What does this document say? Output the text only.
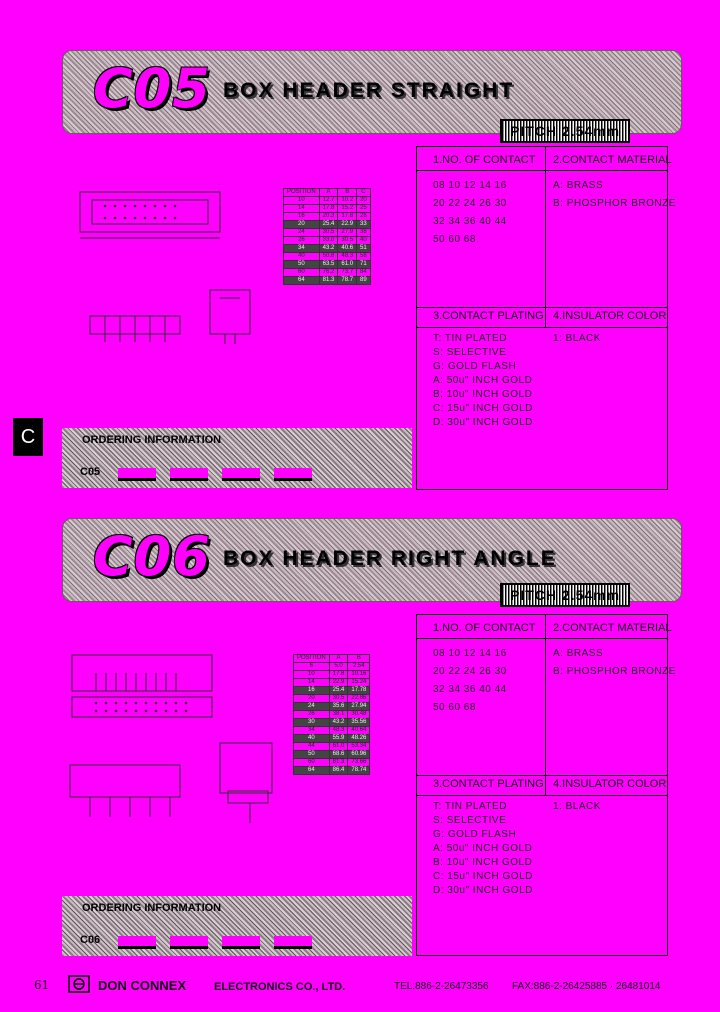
C05 BOX HEADER STRAIGHT
PITCH 2.54mm
POSITION	A	B	C
10	12.7	10.2	20
14	17.8	15.2	25
16	20.3	17.8	28
20	25.4	22.9	33
24	30.5	27.9	38
26	33.0	30.5	40
34	43.2	40.6	51
40	50.8	48.3	58
50	63.5	61.0	71
60	76.2	73.7	84
64	81.3	78.7	89
1.NO. OF CONTACT 2.CONTACT MATERIAL
08 10 12 14 16
20 22 24 26 30
32 34 36 40 44
50 60 68
A: BRASS
B: PHOSPHOR BRONZE
3.CONTACT PLATING 4.INSULATOR COLOR
T: TIN PLATED
S: SELECTIVE
G: GOLD FLASH
A: 50u" INCH GOLD
B: 10u" INCH GOLD
C: 15u" INCH GOLD
D: 30u" INCH GOLD
1: BLACK
ORDERING INFORMATION
C05
C
C06 BOX HEADER RIGHT ANGLE
PITCH 2.54mm
POSITION	A	B
6	5.0	2.54
10	17.8	10.16
14	22.9	15.24
16	25.4	17.78
20	30.5	22.86
24	35.6	27.94
26	38.1	30.48
30	43.2	35.56
34	48.3	40.64
40	55.9	48.26
44	61.0	53.34
50	68.6	60.96
60	81.3	73.66
64	86.4	78.74
1.NO. OF CONTACT 2.CONTACT MATERIAL
08 10 12 14 16
20 22 24 26 30
32 34 36 40 44
50 60 68
A: BRASS
B: PHOSPHOR BRONZE
3.CONTACT PLATING 4.INSULATOR COLOR
T: TIN PLATED
S: SELECTIVE
G: GOLD FLASH
A: 50u" INCH GOLD
B: 10u" INCH GOLD
C: 15u" INCH GOLD
D: 30u" INCH GOLD
1: BLACK
ORDERING INFORMATION
C06
61	DON CONNEX	ELECTRONICS CO., LTD.	TEL:886-2-26473356 FAX:886-2-26425885 · 26481014
